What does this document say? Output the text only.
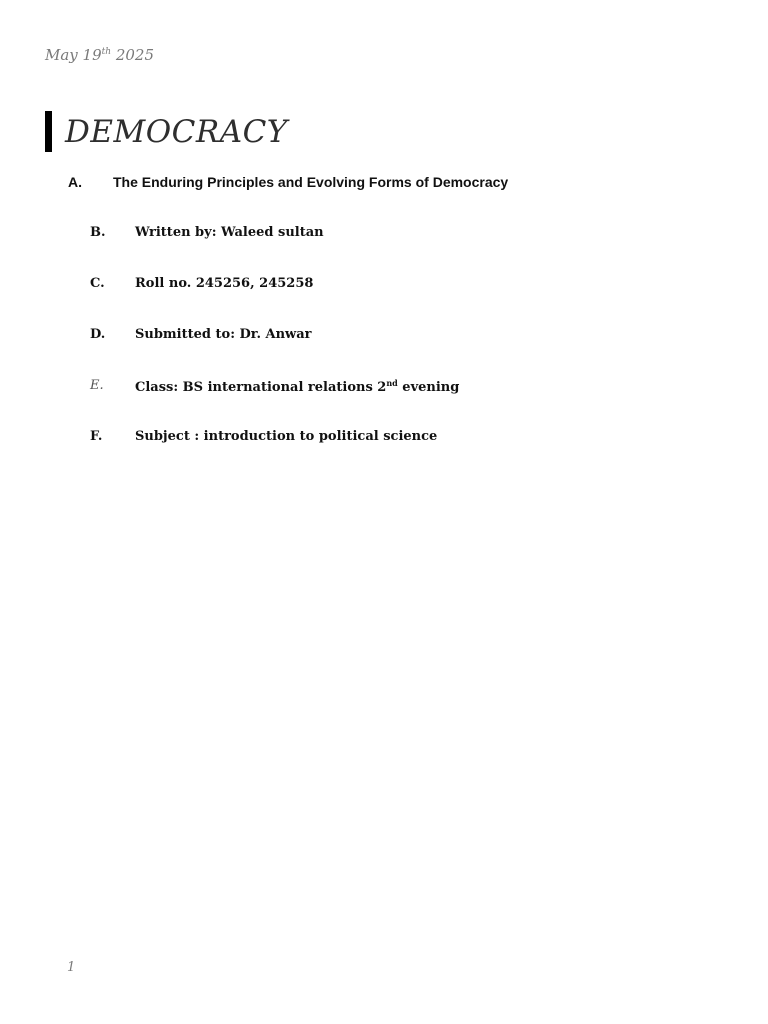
May 19th 2025
DEMOCRACY
A. The Enduring Principles and Evolving Forms of Democracy
B. Written by: Waleed sultan
C. Roll no. 245256, 245258
D. Submitted to: Dr. Anwar
E. Class: BS international relations 2nd evening
F.	Subject : introduction to political science
1
